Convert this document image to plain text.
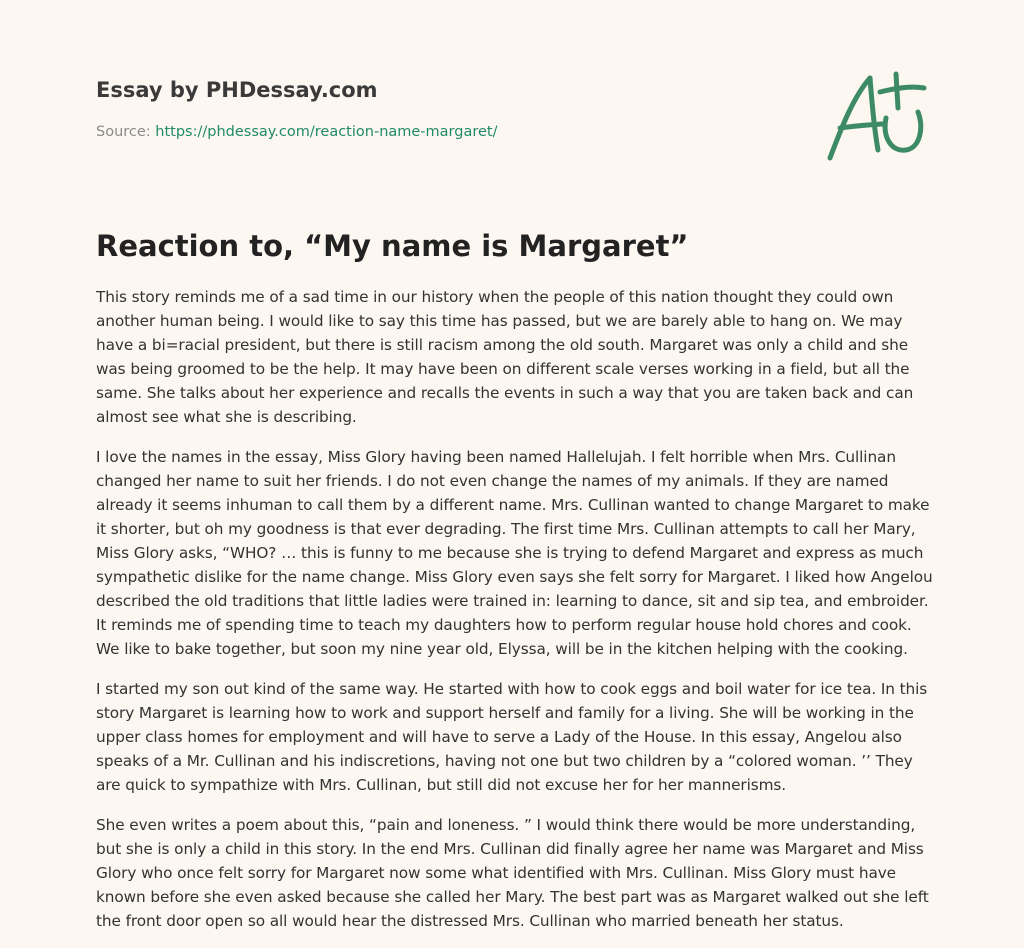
Essay by PHDessay.com
Source: https://phdessay.com/reaction-name-margaret/
Reaction to, “My name is Margaret”

This story reminds me of a sad time in our history when the people of this nation thought they could own another human being. I would like to say this time has passed, but we are barely able to hang on. We may have a bi=racial president, but there is still racism among the old south. Margaret was only a child and she was being groomed to be the help. It may have been on different scale verses working in a field, but all the same. She talks about her experience and recalls the events in such a way that you are taken back and can almost see what she is describing.

I love the names in the essay, Miss Glory having been named Hallelujah. I felt horrible when Mrs. Cullinan changed her name to suit her friends. I do not even change the names of my animals. If they are named already it seems inhuman to call them by a different name. Mrs. Cullinan wanted to change Margaret to make it shorter, but oh my goodness is that ever degrading. The first time Mrs. Cullinan attempts to call her Mary, Miss Glory asks, “WHO? … this is funny to me because she is trying to defend Margaret and express as much sympathetic dislike for the name change. Miss Glory even says she felt sorry for Margaret. I liked how Angelou described the old traditions that little ladies were trained in: learning to dance, sit and sip tea, and embroider. It reminds me of spending time to teach my daughters how to perform regular house hold chores and cook. We like to bake together, but soon my nine year old, Elyssa, will be in the kitchen helping with the cooking.

I started my son out kind of the same way. He started with how to cook eggs and boil water for ice tea. In this story Margaret is learning how to work and support herself and family for a living. She will be working in the upper class homes for employment and will have to serve a Lady of the House. In this essay, Angelou also speaks of a Mr. Cullinan and his indiscretions, having not one but two children by a “colored woman. ’’ They are quick to sympathize with Mrs. Cullinan, but still did not excuse her for her mannerisms.

She even writes a poem about this, “pain and loneness. ” I would think there would be more understanding, but she is only a child in this story. In the end Mrs. Cullinan did finally agree her name was Margaret and Miss Glory who once felt sorry for Margaret now some what identified with Mrs. Cullinan. Miss Glory must have known before she even asked because she called her Mary. The best part was as Margaret walked out she left the front door open so all would hear the distressed Mrs. Cullinan who married beneath her status.
